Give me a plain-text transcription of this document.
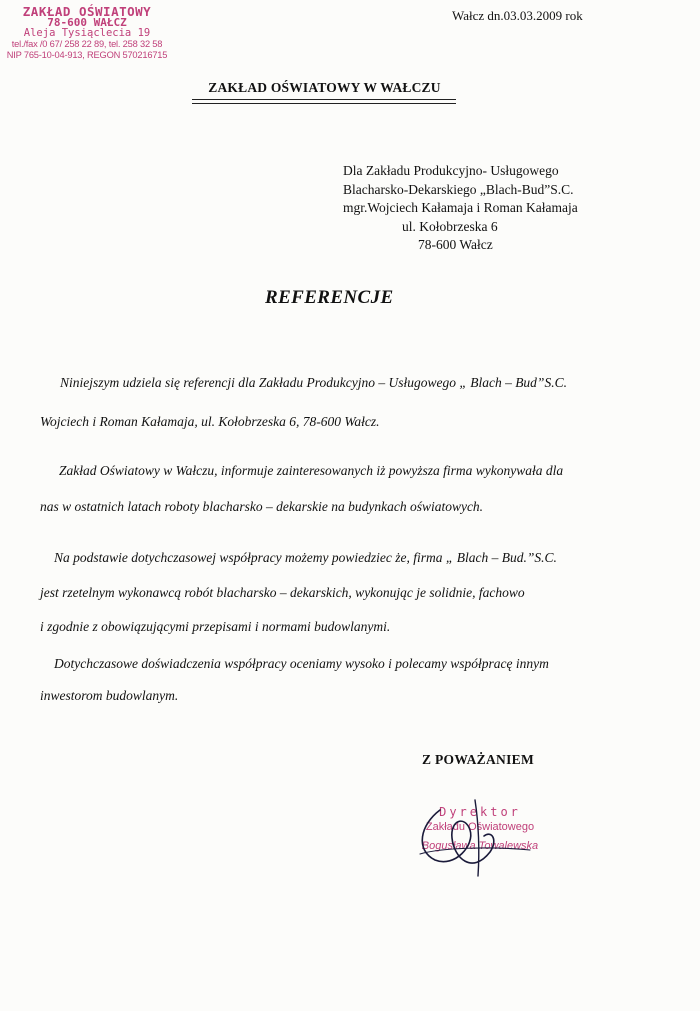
ZAKŁAD OŚWIATOWY
78-600 WAŁCZ
Aleja Tysiąclecia 19
tel./fax /0 67/ 258 22 89, tel. 258 32 58
NIP 765-10-04-913, REGON 570216715
Wałcz dn.03.03.2009 rok
ZAKŁAD OŚWIATOWY W WAŁCZU
Dla Zakładu Produkcyjno- Usługowego
Blacharsko-Dekarskiego „Blach-Bud”S.C.
mgr.Wojciech Kałamaja i Roman Kałamaja
ul. Kołobrzeska 6
78-600 Wałcz
REFERENCJE
Niniejszym udziela się referencji dla Zakładu Produkcyjno – Usługowego „ Blach – Bud”S.C.
Wojciech i Roman Kałamaja, ul. Kołobrzeska 6, 78-600 Wałcz.
Zakład Oświatowy w Wałczu, informuje zainteresowanych iż powyższa firma wykonywała dla
nas w ostatnich latach roboty blacharsko – dekarskie na budynkach oświatowych.
Na podstawie dotychczasowej współpracy możemy powiedziec że, firma „ Blach – Bud.”S.C.
jest rzetelnym wykonawcą robót blacharsko – dekarskich, wykonując je solidnie, fachowo
i zgodnie z obowiązującymi przepisami i normami budowlanymi.
Dotychczasowe doświadczenia współpracy oceniamy wysoko i polecamy współpracę innym
inwestorom budowlanym.
Z POWAŻANIEM
Dyrektor
Zakładu Oświatowego
Bogusława Towalewska
